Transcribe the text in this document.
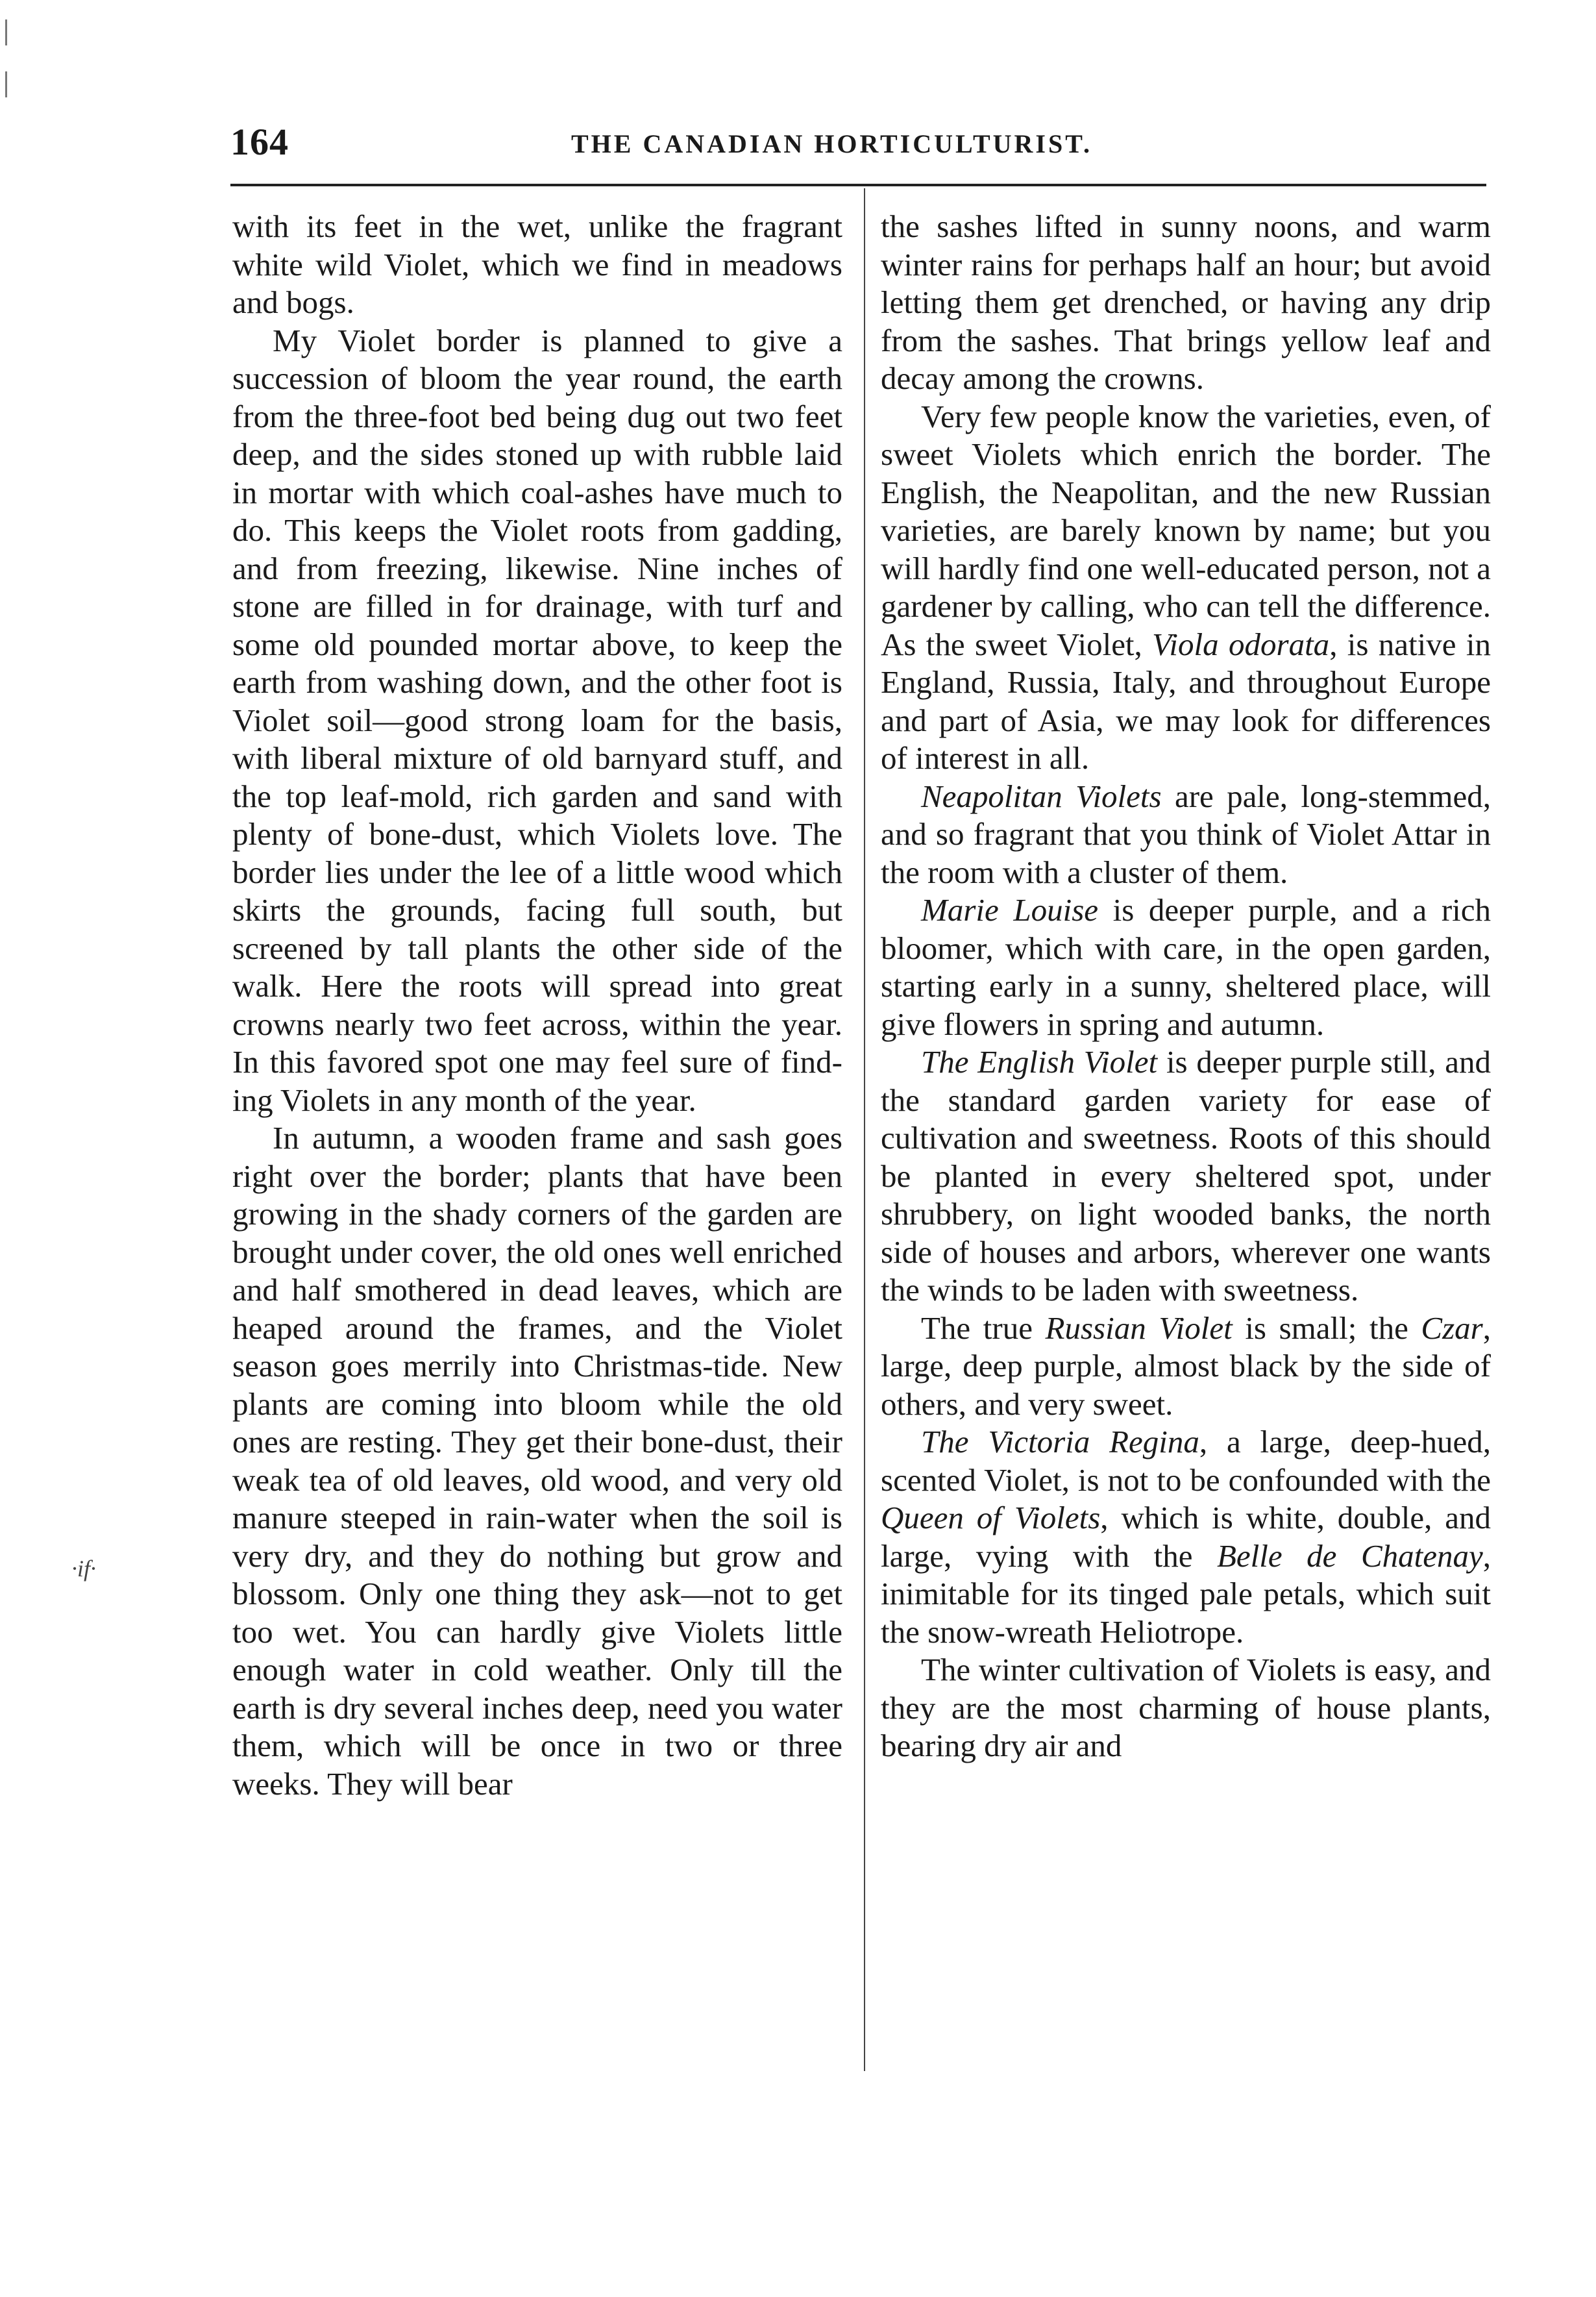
164	THE CANADIAN HORTICULTURIST.
·if·

with its feet in the wet, unlike the fragrant white wild Violet, which we find in meadows and bogs.

My Violet border is planned to give a succession of bloom the year round, the earth from the three-foot bed being dug out two feet deep, and the sides stoned up with rubble laid in mortar with which coal-ashes have much to do. This keeps the Violet roots from gadding, and from freezing, likewise. Nine inches of stone are filled in for drainage, with turf and some old pounded mortar above, to keep the earth from washing down, and the other foot is Violet soil—good strong loam for the basis, with liberal mixture of old barnyard stuff, and the top leaf-mold, rich garden and sand with plenty of bone-dust, which Violets love. The border lies under the lee of a little wood which skirts the grounds, facing full south, but screened by tall plants the other side of the walk. Here the roots will spread into great crowns nearly two feet across, within the year. In this favored spot one may feel sure of finding Violets in any month of the year.

In autumn, a wooden frame and sash goes right over the border; plants that have been growing in the shady corners of the garden are brought under cover, the old ones well enriched and half smothered in dead leaves, which are heaped around the frames, and the Violet season goes merrily into Christmas-tide. New plants are coming into bloom while the old ones are resting. They get their bone-dust, their weak tea of old leaves, old wood, and very old manure steeped in rain-water when the soil is very dry, and they do nothing but grow and blossom. Only one thing they ask—not to get too wet. You can hardly give Violets little enough water in cold weather. Only till the earth is dry several inches deep, need you water them, which will be once in two or three weeks. They will bear

the sashes lifted in sunny noons, and warm winter rains for perhaps half an hour; but avoid letting them get drenched, or having any drip from the sashes. That brings yellow leaf and decay among the crowns.

Very few people know the varieties, even, of sweet Violets which enrich the border. The English, the Neapolitan, and the new Russian varieties, are barely known by name; but you will hardly find one well-educated person, not a gardener by calling, who can tell the difference. As the sweet Violet, Viola odorata, is native in England, Russia, Italy, and throughout Europe and part of Asia, we may look for differences of interest in all.

Neapolitan Violets are pale, long-stemmed, and so fragrant that you think of Violet Attar in the room with a cluster of them.

Marie Louise is deeper purple, and a rich bloomer, which with care, in the open garden, starting early in a sunny, sheltered place, will give flowers in spring and autumn.

The English Violet is deeper purple still, and the standard garden variety for ease of cultivation and sweetness. Roots of this should be planted in every sheltered spot, under shrubbery, on light wooded banks, the north side of houses and arbors, wherever one wants the winds to be laden with sweetness.

The true Russian Violet is small; the Czar, large, deep purple, almost black by the side of others, and very sweet.

The Victoria Regina, a large, deep-hued, scented Violet, is not to be confounded with the Queen of Violets, which is white, double, and large, vying with the Belle de Chatenay, inimitable for its tinged pale petals, which suit the snow-wreath Heliotrope.

The winter cultivation of Violets is easy, and they are the most charming of house plants, bearing dry air and
